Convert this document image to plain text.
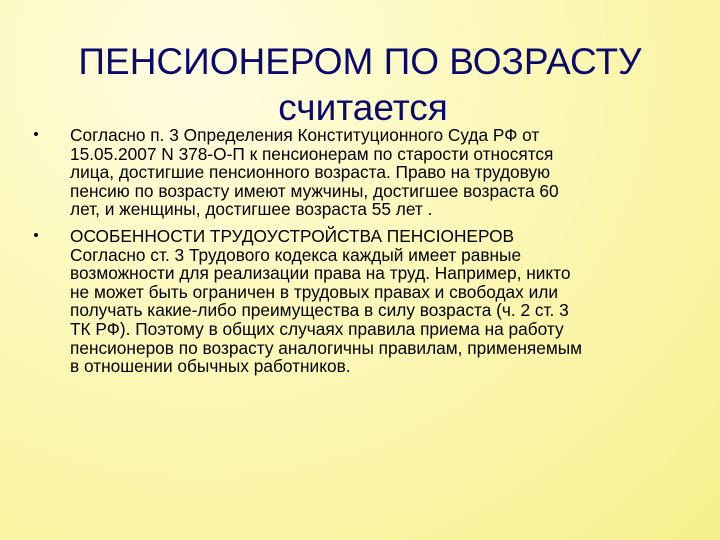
ПЕНСИОНЕРОМ ПО ВОЗРАСТУ
считается
•	Согласно п. 3 Определения Конституционного Суда РФ от
15.05.2007 N 378-О-П к пенсионерам по старости относятся
лица, достигшие пенсионного возраста. Право на трудовую
пенсию по возрасту имеют мужчины, достигшее возраста 60
лет, и женщины, достигшее возраста 55 лет .
•	ОСОБЕННОСТИ ТРУДОУСТРОЙСТВА ПЕНСIОНЕРОВ
Согласно ст. 3 Трудового кодекса каждый имеет равные
возможности для реализации права на труд. Например, никто
не может быть ограничен в трудовых правах и свободах или
получать какие-либо преимущества в силу возраста (ч. 2 ст. 3
ТК РФ). Поэтому в общих случаях правила приема на работу
пенсионеров по возрасту аналогичны правилам, применяемым
в отношении обычных работников.
